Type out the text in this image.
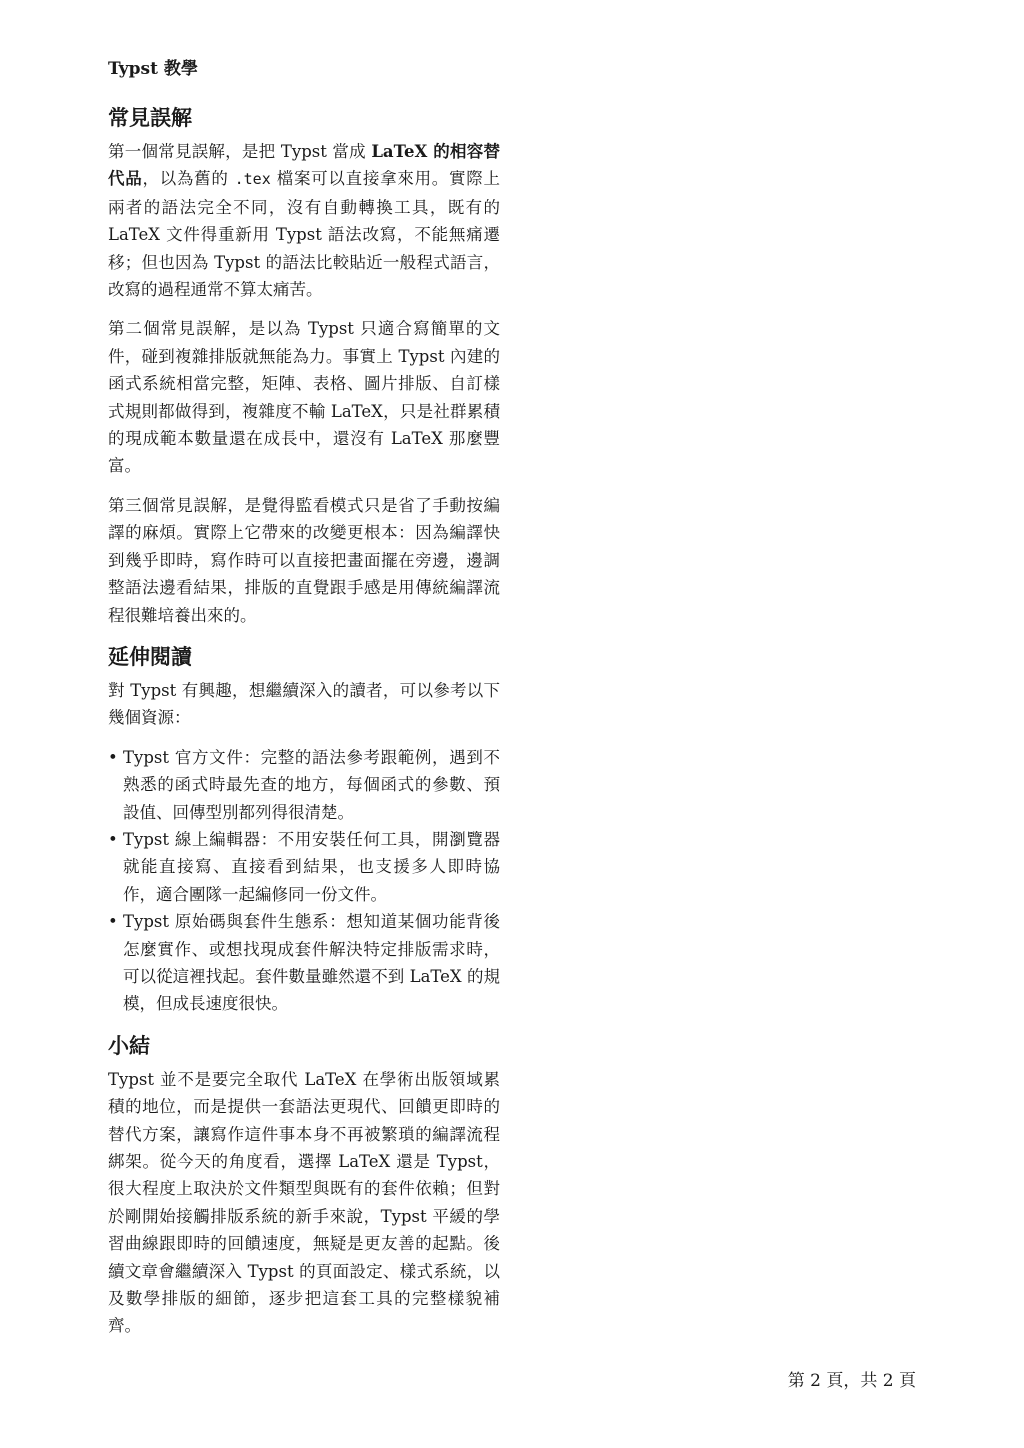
Typst 教學
常見誤解

第一個常見誤解，是把 Typst 當成 LaTeX 的相容替代品，以為舊的 .tex 檔案可以直接拿來用。實際上兩者的語法完全不同，沒有自動轉換工具，既有的 LaTeX 文件得重新用 Typst 語法改寫，不能無痛遷移；但也因為 Typst 的語法比較貼近一般程式語言，改寫的過程通常不算太痛苦。

第二個常見誤解，是以為 Typst 只適合寫簡單的文件，碰到複雜排版就無能為力。事實上 Typst 內建的函式系統相當完整，矩陣、表格、圖片排版、自訂樣式規則都做得到，複雜度不輸 LaTeX，只是社群累積的現成範本數量還在成長中，還沒有 LaTeX 那麼豐富。

第三個常見誤解，是覺得監看模式只是省了手動按編譯的麻煩。實際上它帶來的改變更根本：因為編譯快到幾乎即時，寫作時可以直接把畫面擺在旁邊，邊調整語法邊看結果，排版的直覺跟手感是用傳統編譯流程很難培養出來的。

延伸閱讀

對 Typst 有興趣，想繼續深入的讀者，可以參考以下幾個資源：

• Typst 官方文件：完整的語法參考跟範例，遇到不熟悉的函式時最先查的地方，每個函式的參數、預設值、回傳型別都列得很清楚。
• Typst 線上編輯器：不用安裝任何工具，開瀏覽器就能直接寫、直接看到結果，也支援多人即時協作，適合團隊一起編修同一份文件。
• Typst 原始碼與套件生態系：想知道某個功能背後怎麼實作、或想找現成套件解決特定排版需求時，可以從這裡找起。套件數量雖然還不到 LaTeX 的規模，但成長速度很快。
小結

Typst 並不是要完全取代 LaTeX 在學術出版領域累積的地位，而是提供一套語法更現代、回饋更即時的替代方案，讓寫作這件事本身不再被繁瑣的編譯流程綁架。從今天的角度看，選擇 LaTeX 還是 Typst，很大程度上取決於文件類型與既有的套件依賴；但對於剛開始接觸排版系統的新手來說，Typst 平緩的學習曲線跟即時的回饋速度，無疑是更友善的起點。後續文章會繼續深入 Typst 的頁面設定、樣式系統，以及數學排版的細節，逐步把這套工具的完整樣貌補齊。

第 2 頁，共 2 頁
